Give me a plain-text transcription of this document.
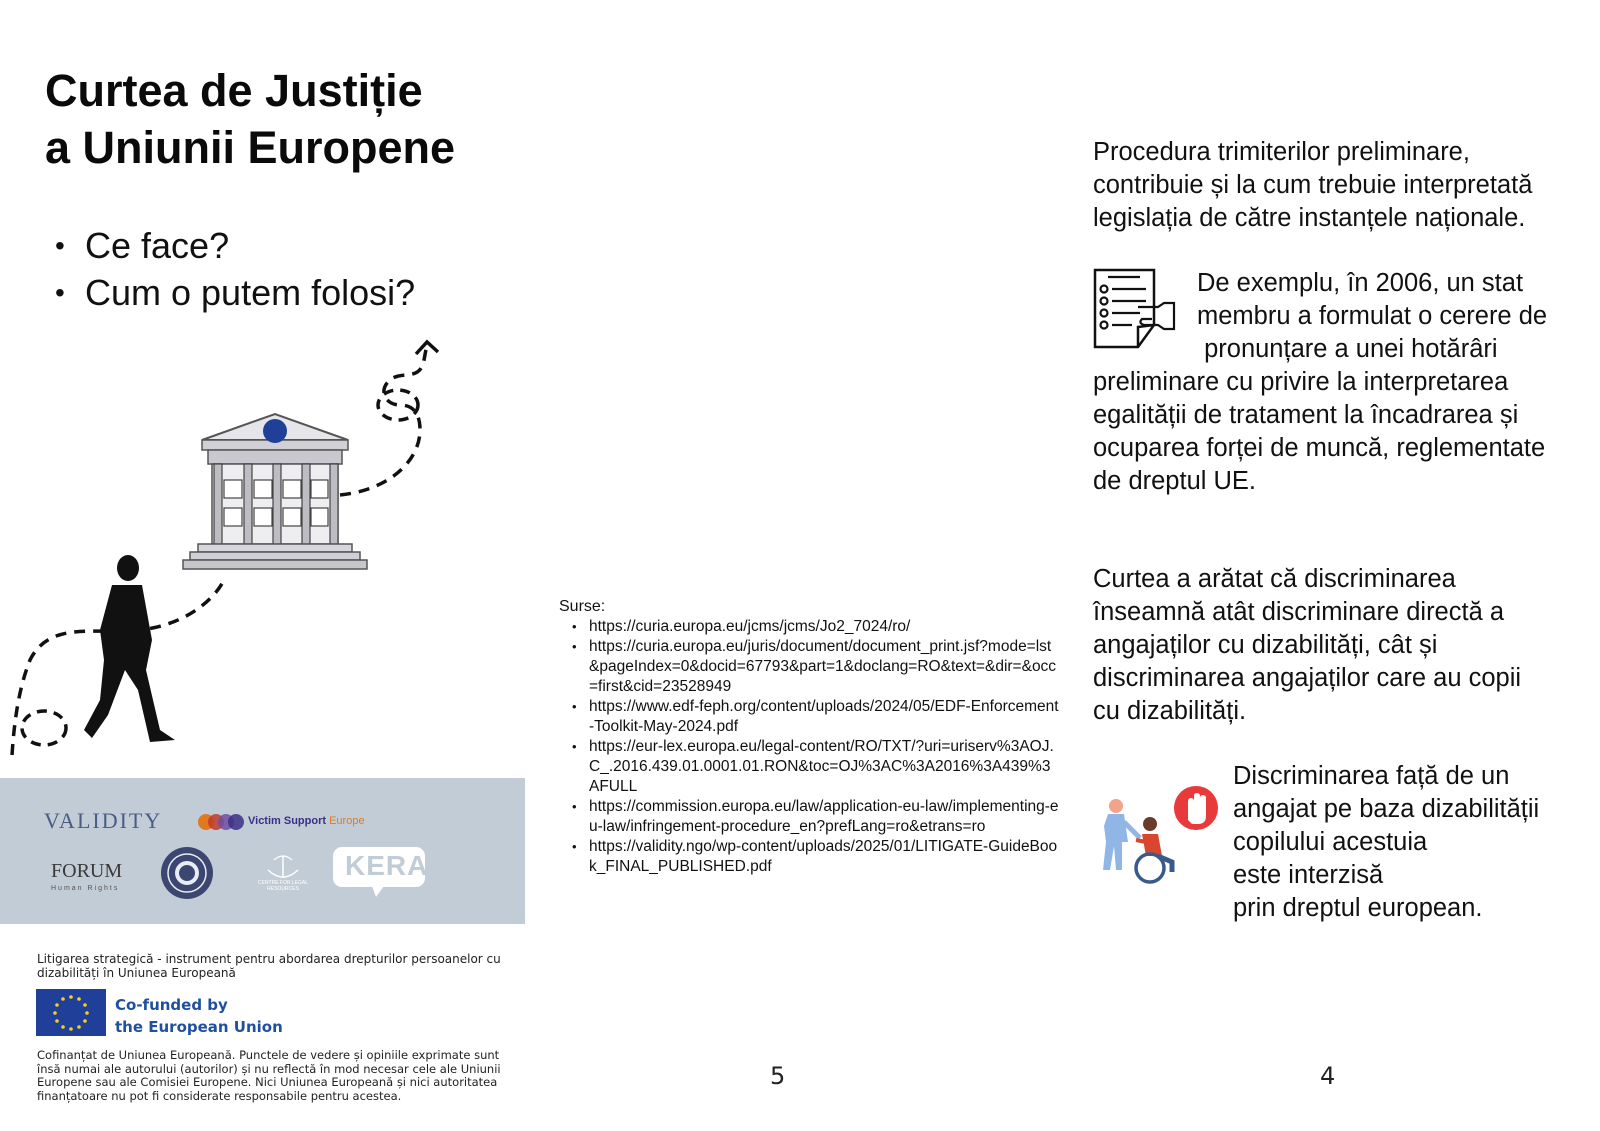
Curtea de Justiție
a Uniunii Europene
• Ce face?
• Cum o putem folosi?
VALIDITY	Victim Support Europe
FORUM
Human Rights
CENTRE FOR LEGAL RESOURCES
KERA
Litigarea strategică - instrument pentru abordarea drepturilor persoanelor cu dizabilități în Uniunea Europeană
Co-funded by
the European Union
Cofinanțat de Uniunea Europeană. Punctele de vedere și opiniile exprimate sunt însă numai ale autorului (autorilor) și nu reflectă în mod necesar cele ale Uniunii Europene sau ale Comisiei Europene. Nici Uniunea Europeană și nici autoritatea finanțatoare nu pot fi considerate responsabile pentru acestea.
Surse:
• https://curia.europa.eu/jcms/jcms/Jo2_7024/ro/
• https://curia.europa.eu/juris/document/document_print.jsf?mode=lst&pageIndex=0&docid=67793&part=1&doclang=RO&text=&dir=&occ=first&cid=23528949
• https://www.edf-feph.org/content/uploads/2024/05/EDF-Enforcement-Toolkit-May-2024.pdf
• https://eur-lex.europa.eu/legal-content/RO/TXT/?uri=uriserv%3AOJ.C_.2016.439.01.0001.01.RON&toc=OJ%3AC%3A2016%3A439%3AFULL
• https://commission.europa.eu/law/application-eu-law/implementing-eu-law/infringement-procedure_en?prefLang=ro&etrans=ro
• https://validity.ngo/wp-content/uploads/2025/01/LITIGATE-GuideBook_FINAL_PUBLISHED.pdf
5
Procedura trimiterilor preliminare,
contribuie și la cum trebuie interpretată
legislația de către instanțele naționale.
De exemplu, în 2006, un stat
membru a formulat o cerere de
pronunțare a unei hotărâri
preliminare cu privire la interpretarea
egalității de tratament la încadrarea și
ocuparea forței de muncă, reglementate
de dreptul UE.
Curtea a arătat că discriminarea
înseamnă atât discriminare directă a
angajaților cu dizabilități, cât și
discriminarea angajaților care au copii
cu dizabilități.
Discriminarea față de un
angajat pe baza dizabilității
copilului acestuia
este interzisă
prin dreptul european.
4
